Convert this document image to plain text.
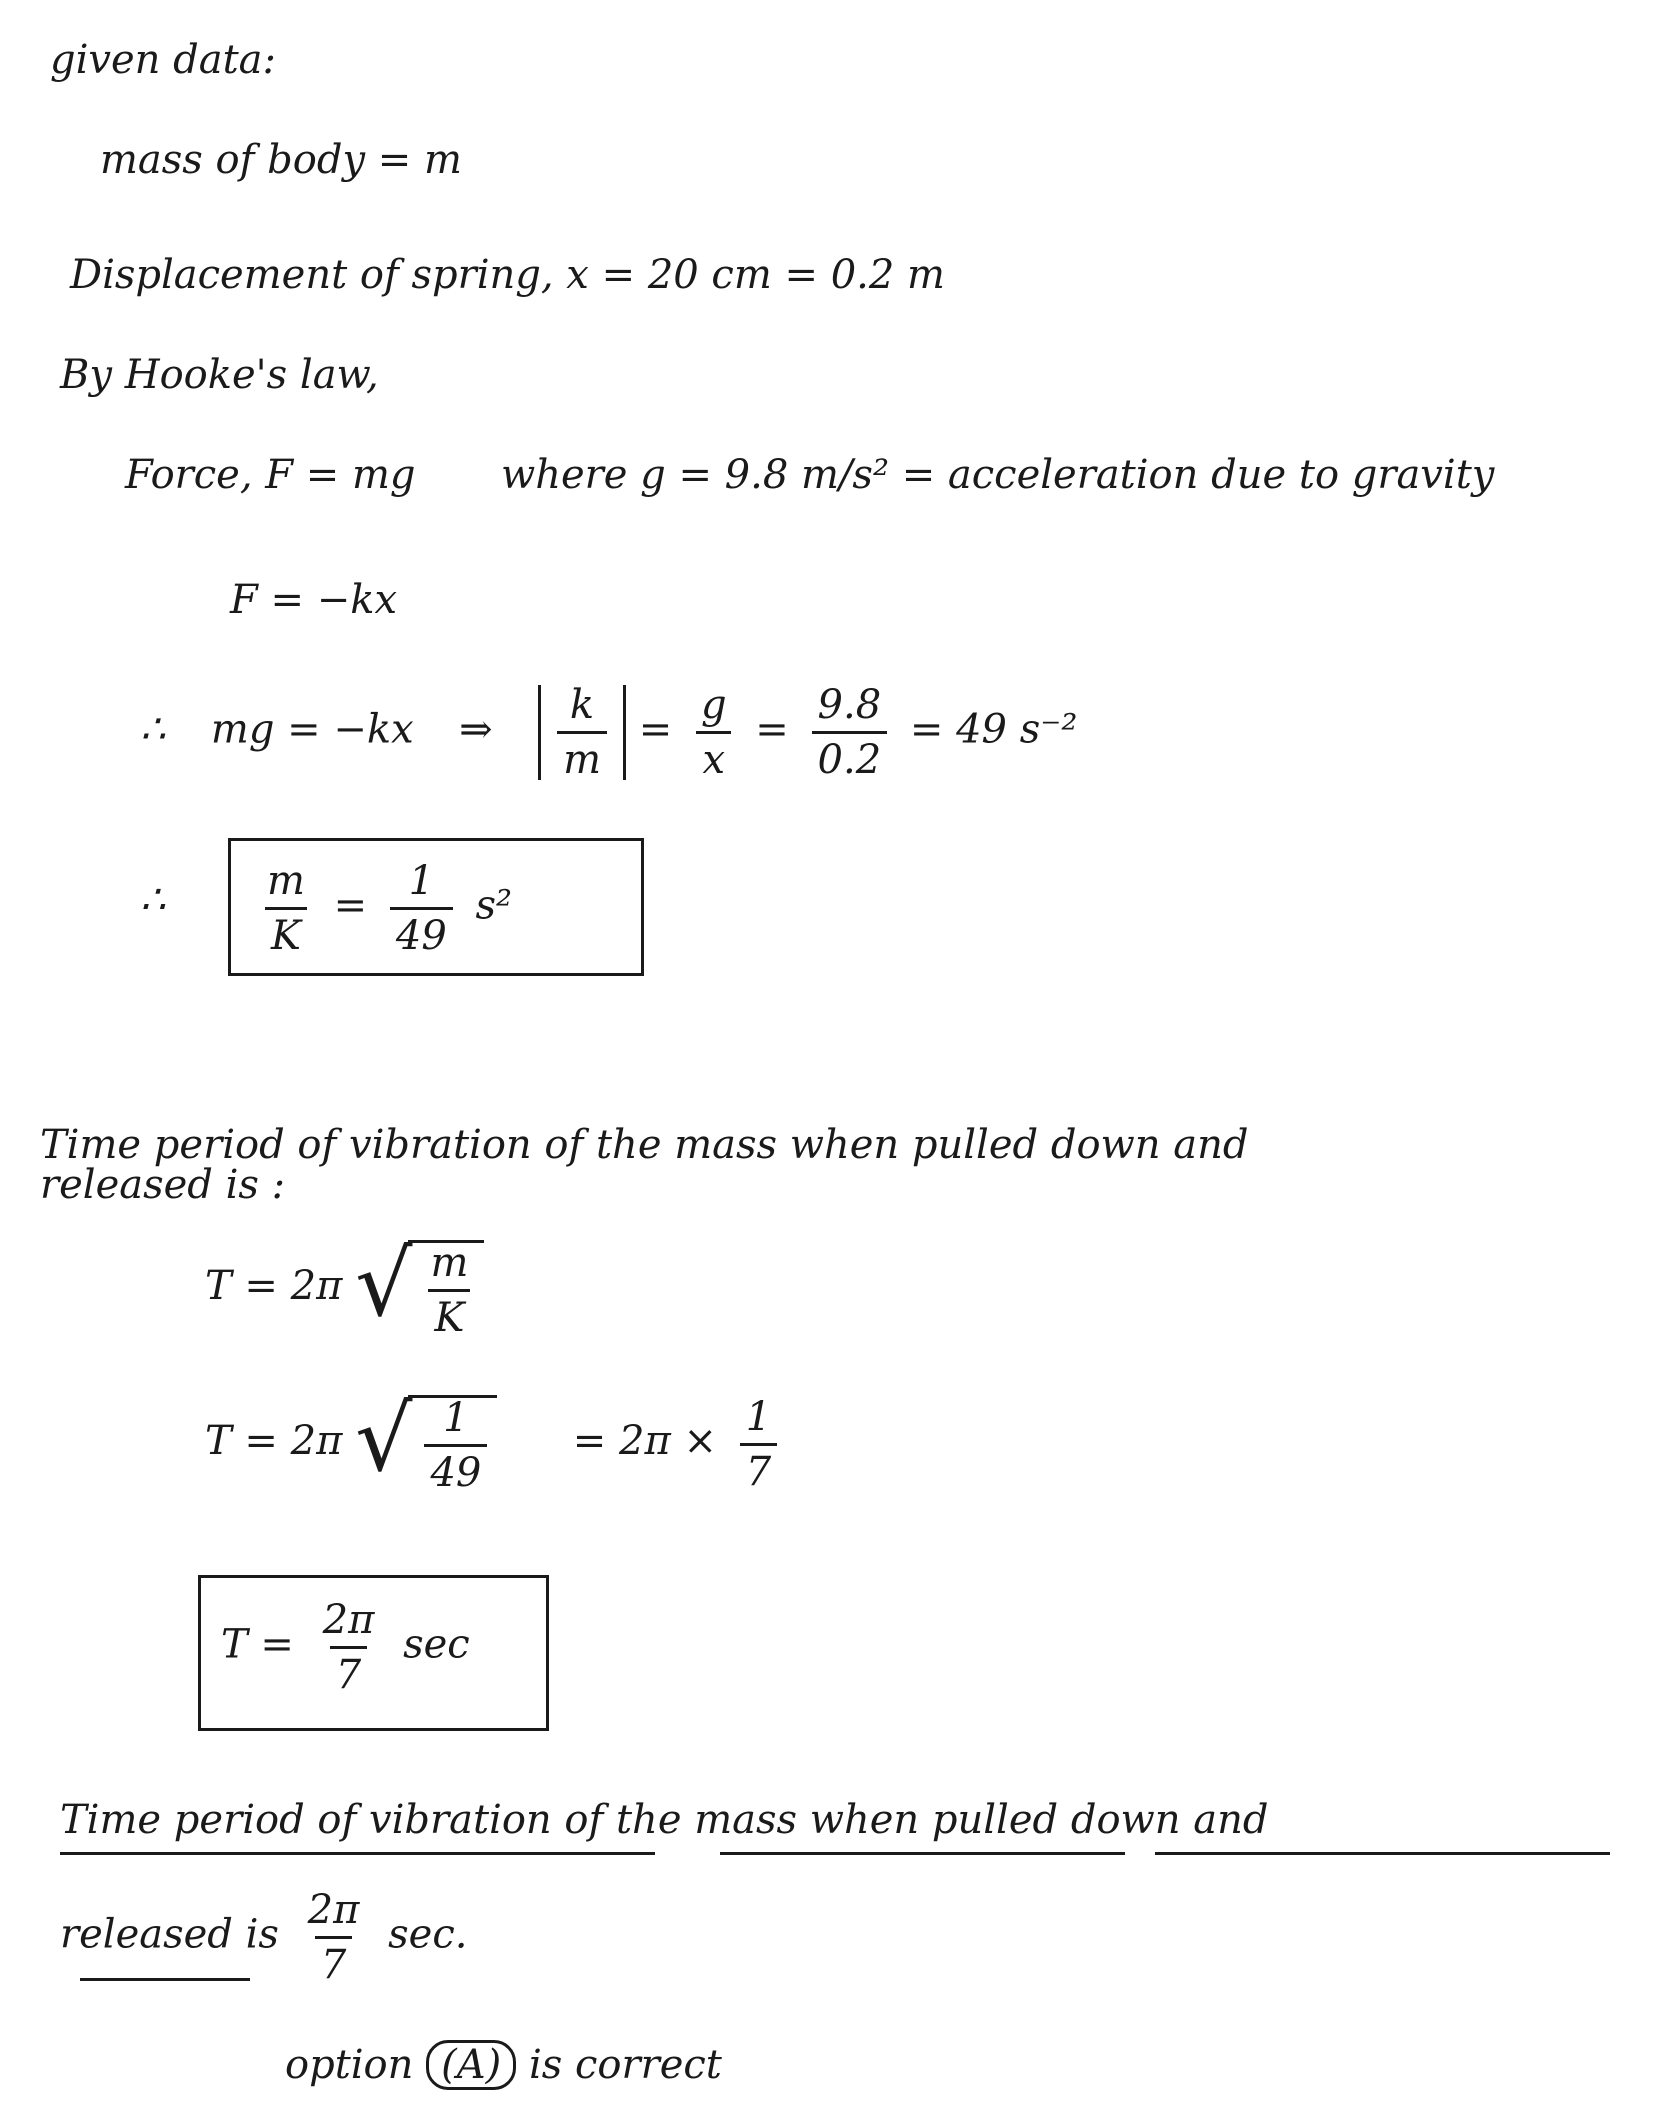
given data:
mass of body = m
Displacement of spring, x = 20 cm = 0.2 m
By Hooke's law,
Force, F = mg where g = 9.8 m/s² = acceleration due to gravity
F = −kx
∴ mg = −kx ⇒ $\frac{k}{m} = \frac{g}{x} = \frac{9.8}{0.2} = 49$ s⁻²
∴ $\frac{m}{K} = \frac{1}{49} s^2$
Time period of vibration of the mass when pulled down and
released is :
T = 2π √ $\frac{m}{K}$
T = 2π √ $\frac{1}{49} = 2\pi \times \frac{1}{7}$
$T = \frac{2\pi}{7}$ sec
Time period of vibration of the mass when pulled down and
released is $\frac{2\pi}{7} \sec$.
option (A) is correct
